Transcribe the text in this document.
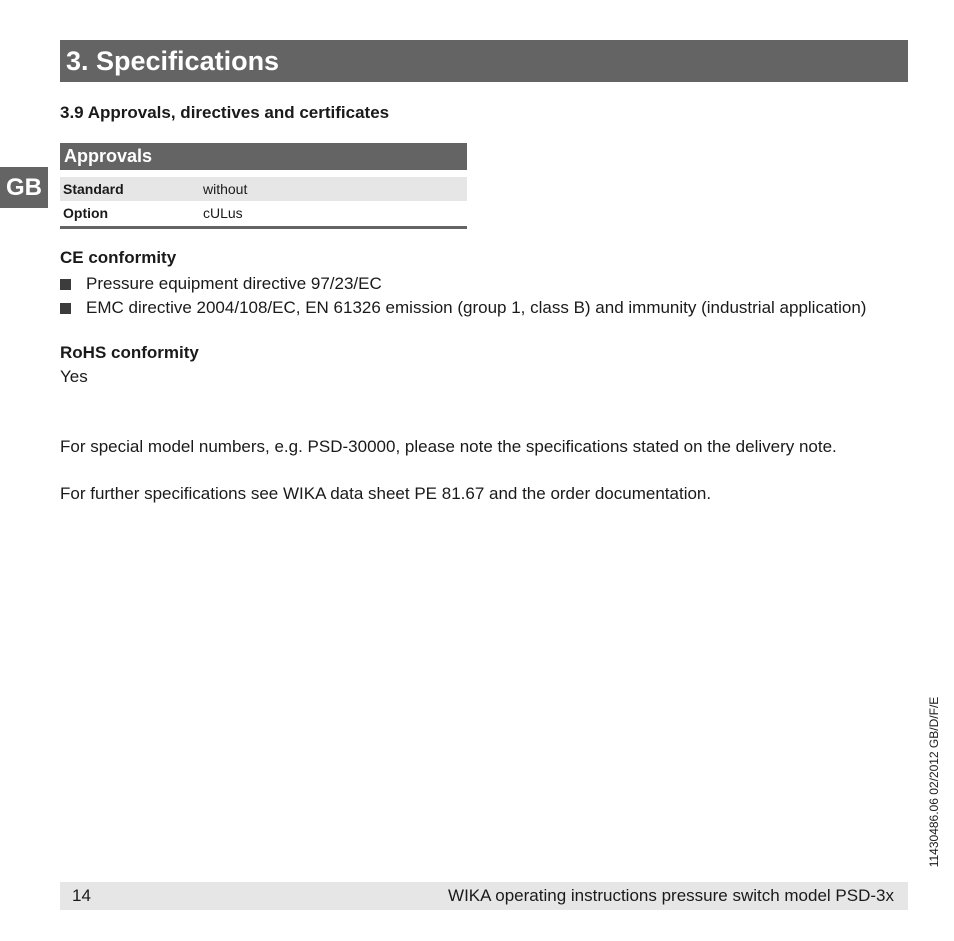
3. Specifications
GB
3.9 Approvals, directives and certificates
Approvals
Standard	without
Option	cULus
CE conformity
Pressure equipment directive 97/23/EC
EMC directive 2004/108/EC, EN 61326 emission (group 1, class B) and immunity (industrial application)
RoHS conformity
Yes
For special model numbers, e.g. PSD-30000, please note the specifications stated on the delivery note.
For further specifications see WIKA data sheet PE 81.67 and the order documentation.
14	WIKA operating instructions pressure switch model PSD-3x
11430486.06 02/2012 GB/D/F/E
